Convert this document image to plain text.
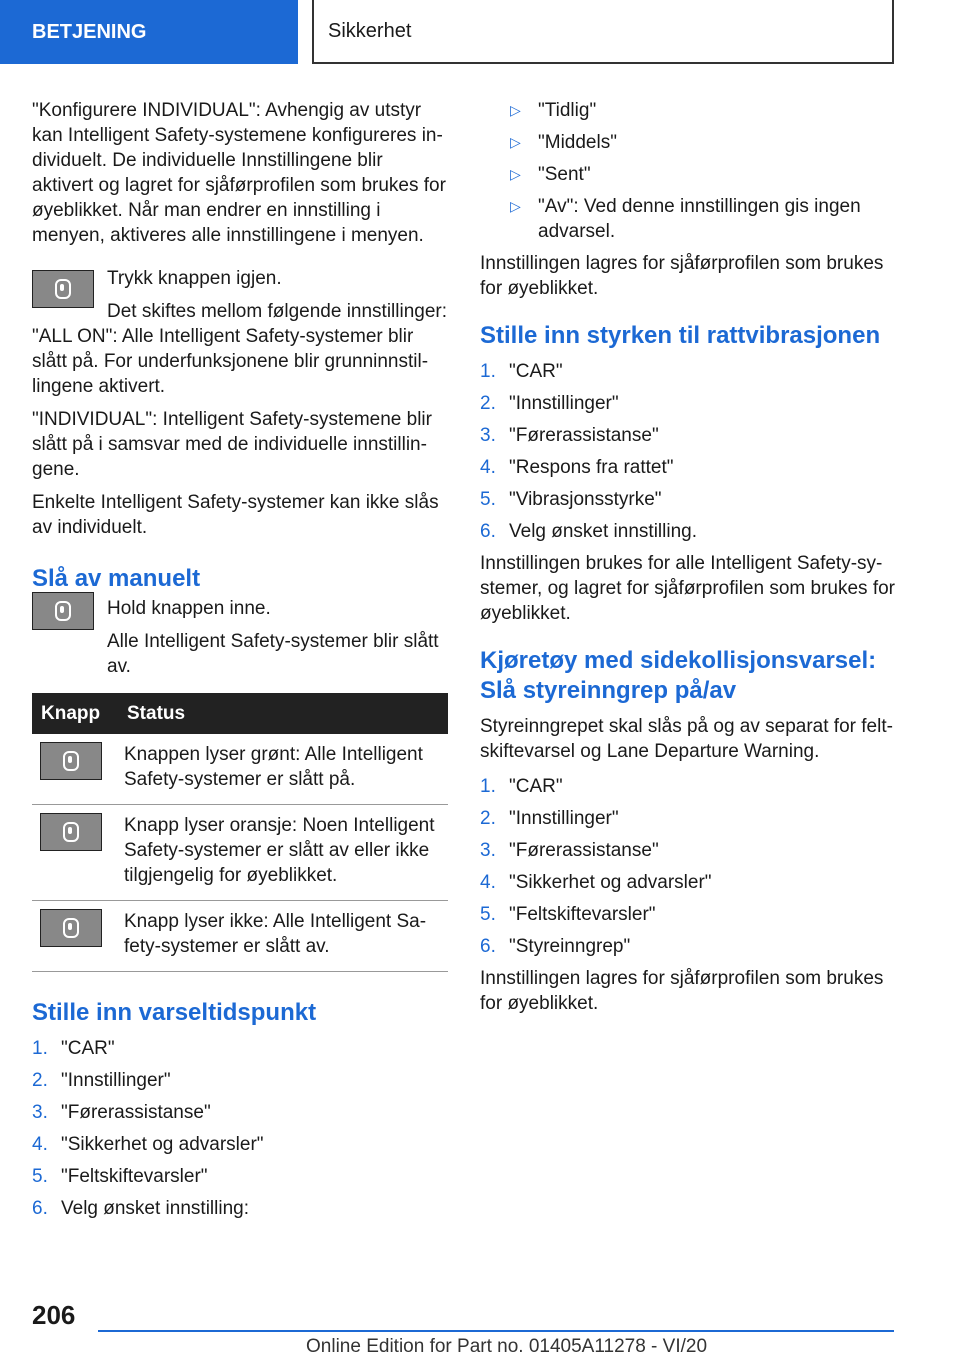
BETJENING	Sikkerhet

"Konfigurere INDIVIDUAL": Avhengig av utstyr kan Intelligent Safety-systemene konfigureres individuelt. De individuelle Innstillingene blir aktivert og lagret for sjåførprofilen som brukes for øyeblikket. Når man endrer en innstilling i menyen, aktiveres alle innstillingene i menyen.

Trykk knappen igjen.

Det skiftes mellom følgende innstillinger:

"ALL ON": Alle Intelligent Safety-systemer blir slått på. For underfunksjonene blir grunninnstillingene aktivert.

"INDIVIDUAL": Intelligent Safety-systemene blir slått på i samsvar med de individuelle innstillingene.

Enkelte Intelligent Safety-systemer kan ikke slås av individuelt.

Slå av manuelt

Hold knappen inne.

Alle Intelligent Safety-systemer blir slått av.

Knapp	Status

	Knappen lyser grønt: Alle Intelligent Safety-systemer er slått på.

	Knapp lyser oransje: Noen Intelligent Safety-systemer er slått av eller ikke tilgjengelig for øyeblikket.

	Knapp lyser ikke: Alle Intelligent Safety-systemer er slått av.
Stille inn varseltidspunkt
1. "CAR"
2. "Innstillinger"
3. "Førerassistanse"
4. "Sikkerhet og advarsler"
5. "Feltskiftevarsler"
6. Velg ønsket innstilling:
▷ "Tidlig"
▷ "Middels"
▷ "Sent"
▷ "Av": Ved denne innstillingen gis ingen advarsel.

Innstillingen lagres for sjåførprofilen som brukes for øyeblikket.

Stille inn styrken til rattvibrasjonen
1. "CAR"
2. "Innstillinger"
3. "Førerassistanse"
4. "Respons fra rattet"
5. "Vibrasjonsstyrke"
6. Velg ønsket innstilling.

Innstillingen brukes for alle Intelligent Safety-systemer, og lagret for sjåførprofilen som brukes for øyeblikket.

Kjøretøy med sidekollisjonsvarsel: Slå styreinngrep på/av

Styreinngrepet skal slås på og av separat for feltskiftevarsel og Lane Departure Warning.

1. "CAR"
2. "Innstillinger"
3. "Førerassistanse"
4. "Sikkerhet og advarsler"
5. "Feltskiftevarsler"
6. "Styreinngrep"

Innstillingen lagres for sjåførprofilen som brukes for øyeblikket.

206
Online Edition for Part no. 01405A11278 - VI/20
